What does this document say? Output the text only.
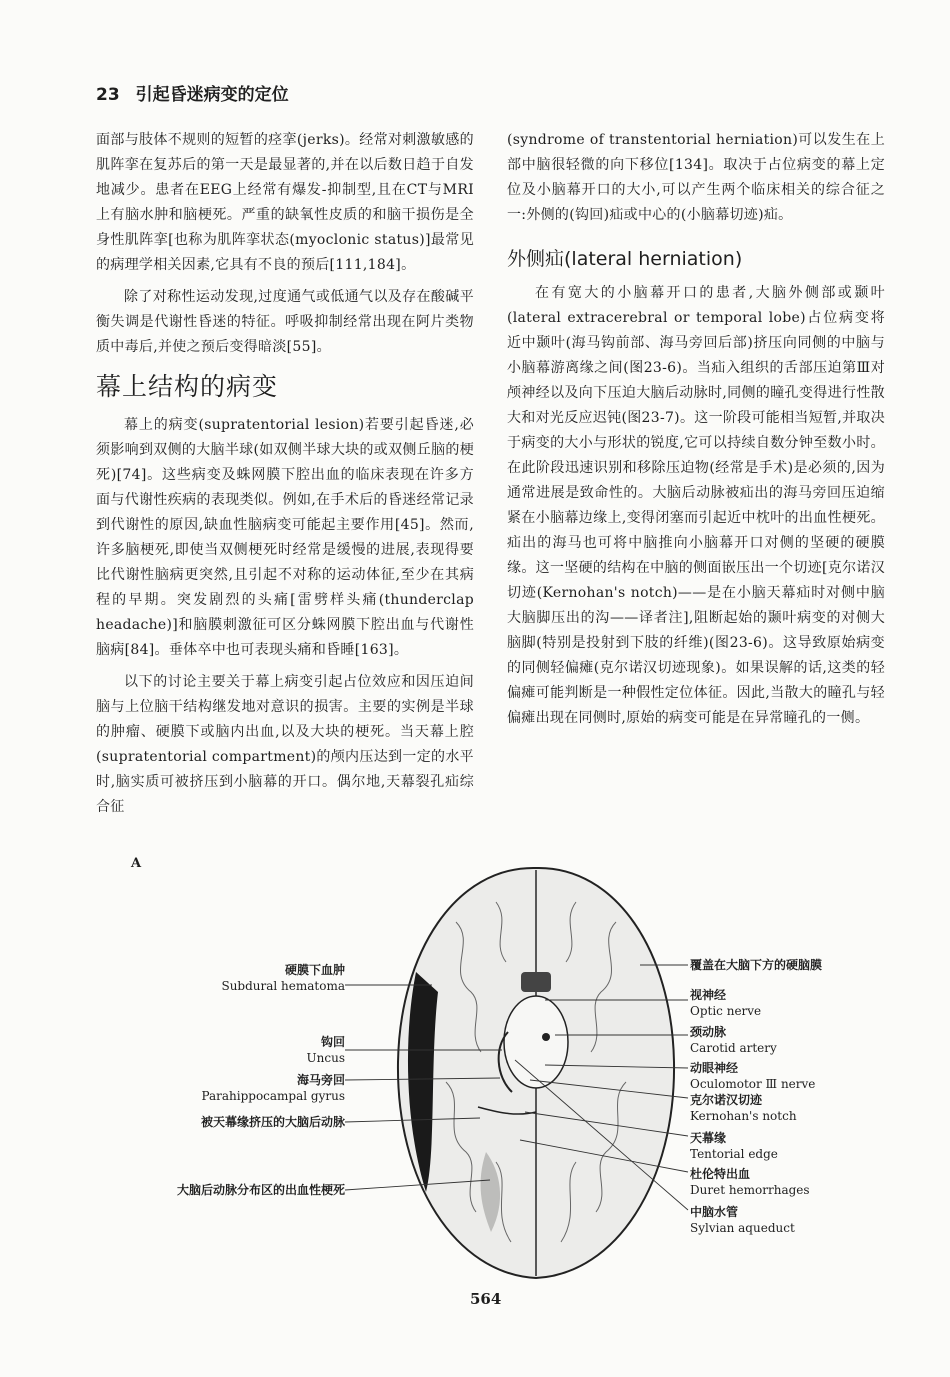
23 引起昏迷病变的定位

面部与肢体不规则的短暂的痉挛(jerks)。经常对刺激敏感的肌阵挛在复苏后的第一天是最显著的,并在以后数日趋于自发地减少。患者在EEG上经常有爆发-抑制型,且在CT与MRI上有脑水肿和脑梗死。严重的缺氧性皮质的和脑干损伤是全身性肌阵挛[也称为肌阵挛状态(myoclonic status)]最常见的病理学相关因素,它具有不良的预后[111,184]。

除了对称性运动发现,过度通气或低通气以及存在酸碱平衡失调是代谢性昏迷的特征。呼吸抑制经常出现在阿片类物质中毒后,并使之预后变得暗淡[55]。

幕上结构的病变

幕上的病变(supratentorial lesion)若要引起昏迷,必须影响到双侧的大脑半球(如双侧半球大块的或双侧丘脑的梗死)[74]。这些病变及蛛网膜下腔出血的临床表现在许多方面与代谢性疾病的表现类似。例如,在手术后的昏迷经常记录到代谢性的原因,缺血性脑病变可能起主要作用[45]。然而,许多脑梗死,即使当双侧梗死时经常是缓慢的进展,表现得要比代谢性脑病更突然,且引起不对称的运动体征,至少在其病程的早期。突发剧烈的头痛[雷劈样头痛(thunderclap headache)]和脑膜刺激征可区分蛛网膜下腔出血与代谢性脑病[84]。垂体卒中也可表现头痛和昏睡[163]。

以下的讨论主要关于幕上病变引起占位效应和因压迫间脑与上位脑干结构继发地对意识的损害。主要的实例是半球的肿瘤、硬膜下或脑内出血,以及大块的梗死。当天幕上腔(supratentorial compartment)的颅内压达到一定的水平时,脑实质可被挤压到小脑幕的开口。偶尔地,天幕裂孔疝综合征

(syndrome of transtentorial herniation)可以发生在上部中脑很轻微的向下移位[134]。取决于占位病变的幕上定位及小脑幕开口的大小,可以产生两个临床相关的综合征之一:外侧的(钩回)疝或中心的(小脑幕切迹)疝。

外侧疝(lateral herniation)

在有宽大的小脑幕开口的患者,大脑外侧部或颞叶(lateral extracerebral or temporal lobe)占位病变将近中颞叶(海马钩前部、海马旁回后部)挤压向同侧的中脑与小脑幕游离缘之间(图23-6)。当疝入组织的舌部压迫第Ⅲ对颅神经以及向下压迫大脑后动脉时,同侧的瞳孔变得进行性散大和对光反应迟钝(图23-7)。这一阶段可能相当短暂,并取决于病变的大小与形状的锐度,它可以持续自数分钟至数小时。在此阶段迅速识别和移除压迫物(经常是手术)是必须的,因为通常进展是致命性的。大脑后动脉被疝出的海马旁回压迫缩紧在小脑幕边缘上,变得闭塞而引起近中枕叶的出血性梗死。疝出的海马也可将中脑推向小脑幕开口对侧的坚硬的硬膜缘。这一坚硬的结构在中脑的侧面嵌压出一个切迹[克尔诺汉切迹(Kernohan's notch)——是在小脑天幕疝时对侧中脑大脑脚压出的沟——译者注],阻断起始的颞叶病变的对侧大脑脚(特别是投射到下肢的纤维)(图23-6)。这导致原始病变的同侧轻偏瘫(克尔诺汉切迹现象)。如果误解的话,这类的轻偏瘫可能判断是一种假性定位体征。因此,当散大的瞳孔与轻偏瘫出现在同侧时,原始的病变可能是在异常瞳孔的一侧。

A
硬膜下血肿
Subdural hematoma
钩回
Uncus
海马旁回
Parahippocampal gyrus
被天幕缘挤压的大脑后动脉
大脑后动脉分布区的出血性梗死
覆盖在大脑下方的硬脑膜
视神经
Optic nerve
颈动脉
Carotid artery
动眼神经
Oculomotor Ⅲ nerve
克尔诺汉切迹
Kernohan's notch
天幕缘
Tentorial edge
杜伦特出血
Duret hemorrhages
中脑水管
Sylvian aqueduct
564
